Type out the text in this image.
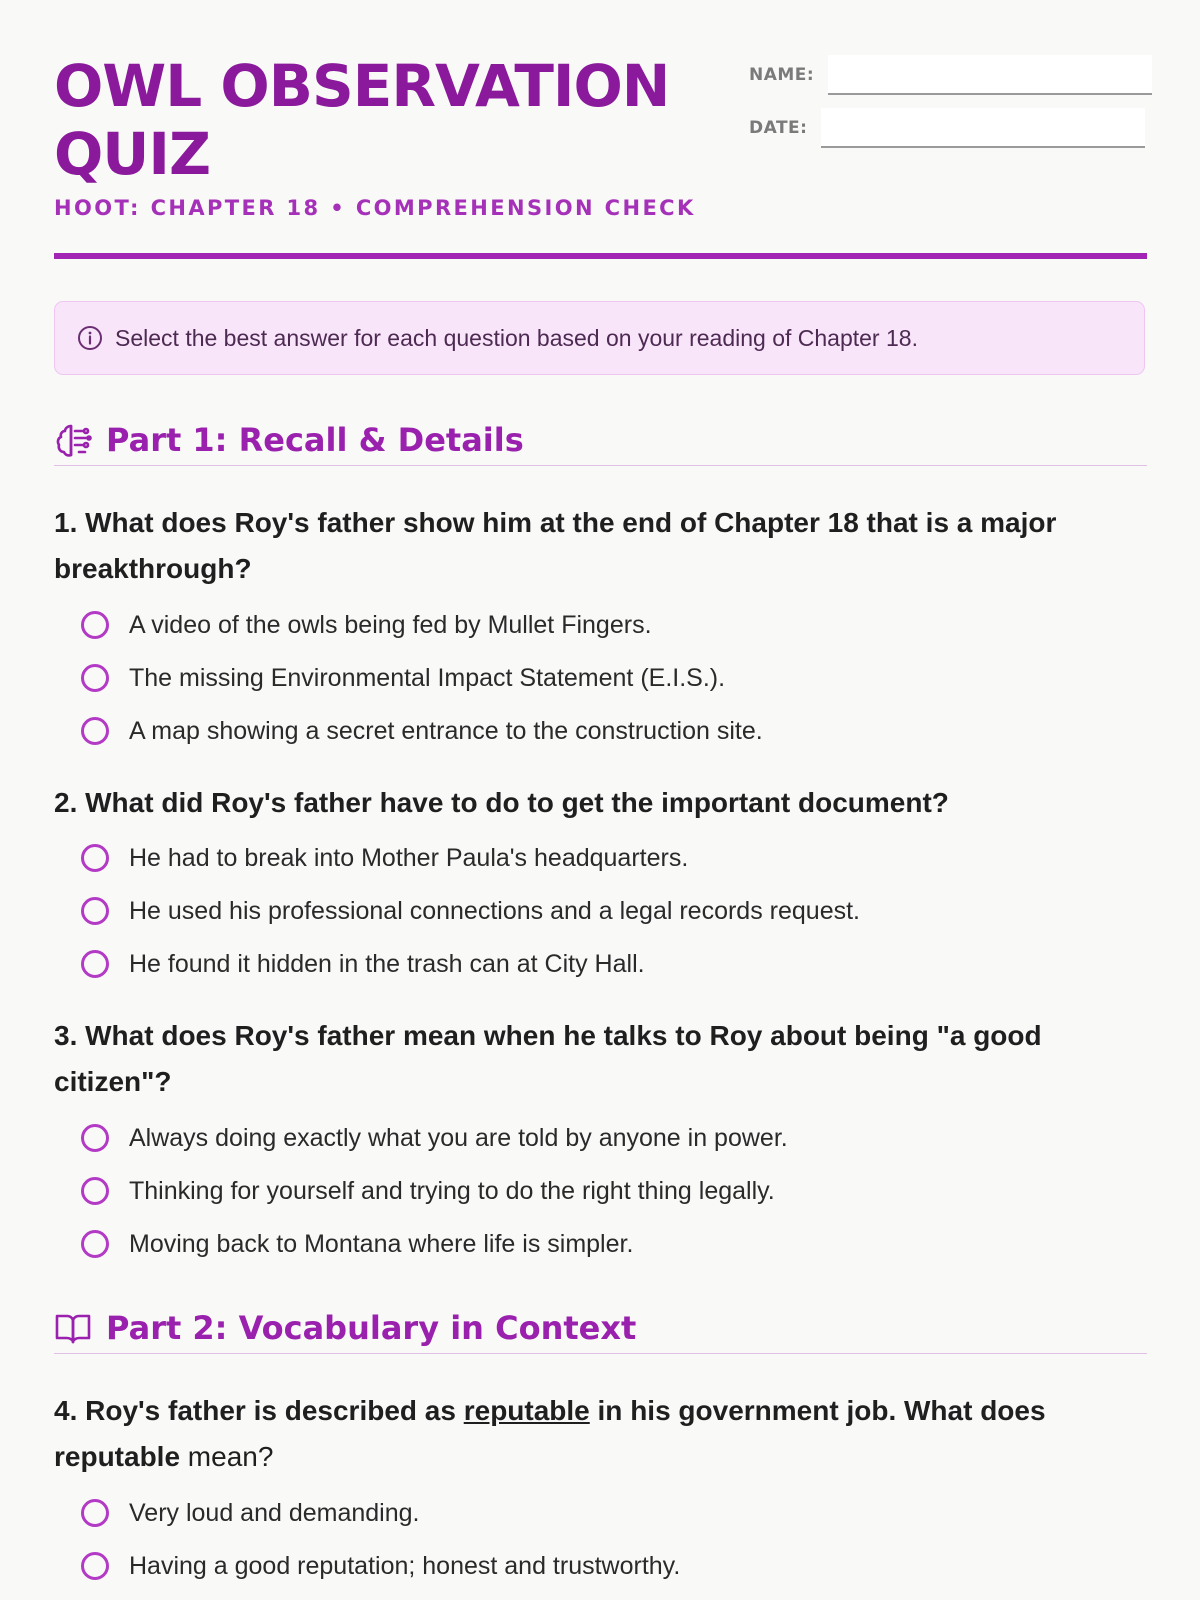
OWL OBSERVATION QUIZ
HOOT: CHAPTER 18 • COMPREHENSION CHECK
NAME:
DATE:
Select the best answer for each question based on your reading of Chapter 18.
Part 1: Recall & Details
1. What does Roy's father show him at the end of Chapter 18 that is a major breakthrough?
A video of the owls being fed by Mullet Fingers.
The missing Environmental Impact Statement (E.I.S.).
A map showing a secret entrance to the construction site.
2. What did Roy's father have to do to get the important document?
He had to break into Mother Paula's headquarters.
He used his professional connections and a legal records request.
He found it hidden in the trash can at City Hall.
3. What does Roy's father mean when he talks to Roy about being "a good citizen"?
Always doing exactly what you are told by anyone in power.
Thinking for yourself and trying to do the right thing legally.
Moving back to Montana where life is simpler.
Part 2: Vocabulary in Context
4. Roy's father is described as reputable in his government job. What does reputable mean?
Very loud and demanding.
Having a good reputation; honest and trustworthy.
